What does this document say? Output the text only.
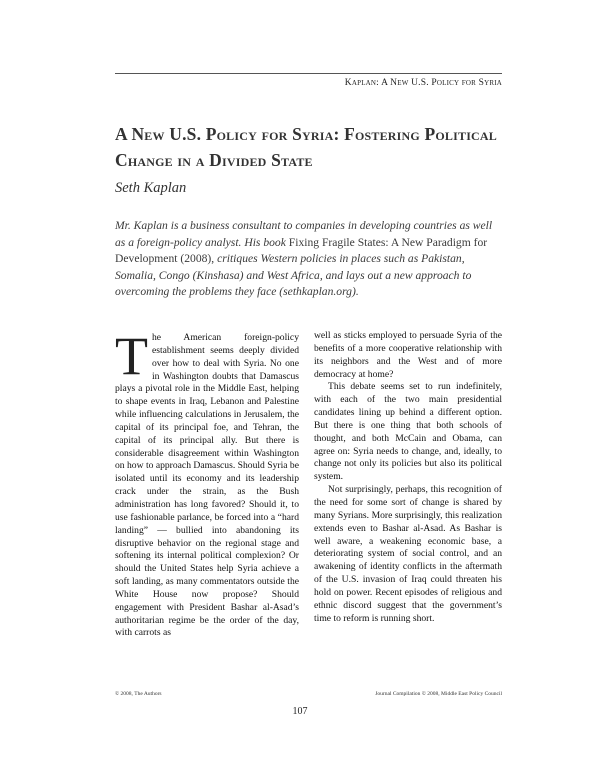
Kaplan: A New U.S. Policy for Syria
A New U.S. Policy for Syria: Fostering Political Change in a Divided State

Seth Kaplan

Mr. Kaplan is a business consultant to companies in developing countries as well as a foreign-policy analyst. His book Fixing Fragile States: A New Paradigm for Development (2008), critiques Western policies in places such as Pakistan, Somalia, Congo (Kinshasa) and West Africa, and lays out a new approach to overcoming the problems they face (sethkaplan.org).

The American foreign-policy establishment seems deeply divided over how to deal with Syria. No one in Washington doubts that Damascus plays a pivotal role in the Middle East, helping to shape events in Iraq, Lebanon and Palestine while influencing calculations in Jerusalem, the capital of its principal foe, and Tehran, the capital of its principal ally. But there is considerable disagreement within Washington on how to approach Damascus. Should Syria be isolated until its economy and its leadership crack under the strain, as the Bush administration has long favored? Should it, to use fashionable parlance, be forced into a “hard landing” — bullied into abandoning its disruptive behavior on the regional stage and softening its internal political complexion? Or should the United States help Syria achieve a soft landing, as many commentators outside the White House now propose? Should engagement with President Bashar al-Asad’s authoritarian regime be the order of the day, with carrots as

well as sticks employed to persuade Syria of the benefits of a more cooperative relationship with its neighbors and the West and of more democracy at home?

This debate seems set to run indefinitely, with each of the two main presidential candidates lining up behind a different option. But there is one thing that both schools of thought, and both McCain and Obama, can agree on: Syria needs to change, and, ideally, to change not only its policies but also its political system.

Not surprisingly, perhaps, this recognition of the need for some sort of change is shared by many Syrians. More surprisingly, this realization extends even to Bashar al-Asad. As Bashar is well aware, a weakening economic base, a deteriorating system of social control, and an awakening of identity conflicts in the aftermath of the U.S. invasion of Iraq could threaten his hold on power. Recent episodes of religious and ethnic discord suggest that the government’s time to reform is running short.

© 2008, The Authors	Journal Compilation © 2008, Middle East Policy Council
107
